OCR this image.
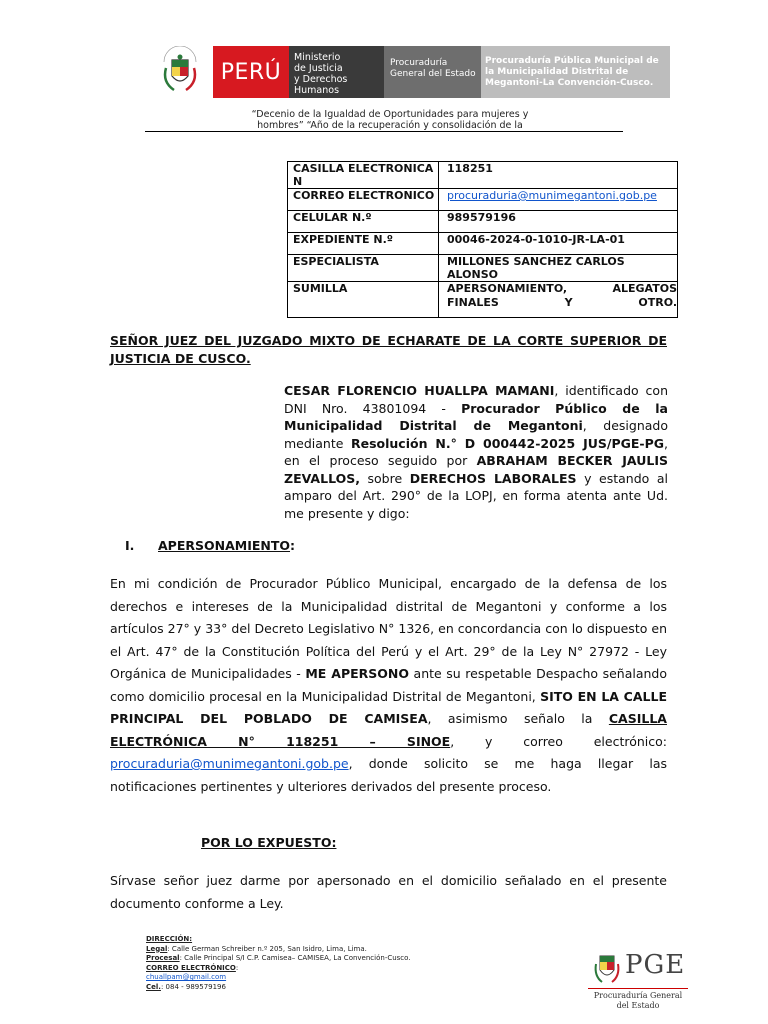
PERÚ
Ministerio
de Justicia
y Derechos
Humanos
Procuraduría
General del Estado
Procuraduría Pública Municipal de la Municipalidad Distrital de Megantoni-La Convención-Cusco.
“Decenio de la Igualdad de Oportunidades para mujeres y
hombres” “Año de la recuperación y consolidación de la
CASILLA ELECTRONICA N	118251
CORREO ELECTRONICO	procuraduria@munimegantoni.gob.pe
CELULAR N.º	989579196
EXPEDIENTE N.º	00046-2024-0-1010-JR-LA-01
ESPECIALISTA	MILLONES SANCHEZ CARLOS ALONSO
SUMILLA	APERSONAMIENTO, ALEGATOS FINALES Y OTRO.
SEÑOR JUEZ DEL JUZGADO MIXTO DE ECHARATE DE LA CORTE SUPERIOR DE JUSTICIA DE CUSCO.
CESAR FLORENCIO HUALLPA MAMANI, identificado con DNI Nro. 43801094 - Procurador Público de la Municipalidad Distrital de Megantoni, designado mediante Resolución N.° D 000442-2025 JUS/PGE-PG, en el proceso seguido por ABRAHAM BECKER JAULIS ZEVALLOS, sobre DERECHOS LABORALES y estando al amparo del Art. 290° de la LOPJ, en forma atenta ante Ud. me presente y digo:
I. APERSONAMIENTO:
En mi condición de Procurador Público Municipal, encargado de la defensa de los derechos e intereses de la Municipalidad distrital de Megantoni y conforme a los artículos 27° y 33° del Decreto Legislativo N° 1326, en concordancia con lo dispuesto en el Art. 47° de la Constitución Política del Perú y el Art. 29° de la Ley N° 27972 - Ley Orgánica de Municipalidades - ME APERSONO ante su respetable Despacho señalando como domicilio procesal en la Municipalidad Distrital de Megantoni, SITO EN LA CALLE PRINCIPAL DEL POBLADO DE CAMISEA, asimismo señalo la CASILLA ELECTRÓNICA N° 118251 – SINOE, y correo electrónico: procuraduria@munimegantoni.gob.pe, donde solicito se me haga llegar las notificaciones pertinentes y ulteriores derivados del presente proceso.
POR LO EXPUESTO:
Sírvase señor juez darme por apersonado en el domicilio señalado en el presente documento conforme a Ley.
DIRECCIÓN:
Legal: Calle German Schreiber n.º 205, San Isidro, Lima, Lima.
Procesal: Calle Principal S/I C.P. Camisea– CAMISEA, La Convención-Cusco.
CORREO ELECTRÓNICO:
chuallpam@gmail.com
Cel.: 084 - 989579196
PGE
Procuraduría General del Estado
